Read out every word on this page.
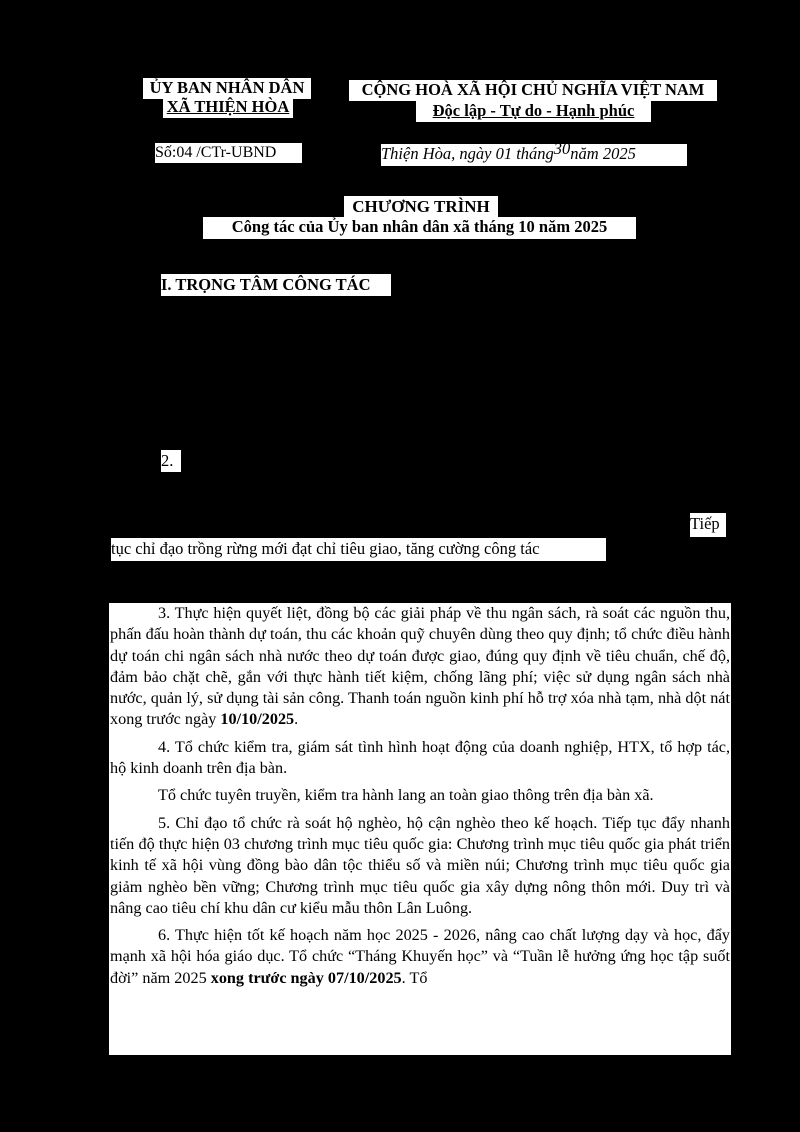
ỦY BAN NHÂN DÂN
XÃ THIỆN HÒA
CỘNG HOÀ XÃ HỘI CHỦ NGHĨA VIỆT NAM
Độc lập - Tự do - Hạnh phúc
Số:04 /CTr-UBND	Thiện Hòa, ngày 01 tháng30năm 2025
CHƯƠNG TRÌNH
Công tác của Ủy ban nhân dân xã tháng 10 năm 2025
I. TRỌNG TÂM CÔNG TÁC
2.
Tiếp
tục chỉ đạo trồng rừng mới đạt chỉ tiêu giao, tăng cường công tác

3. Thực hiện quyết liệt, đồng bộ các giải pháp về thu ngân sách, rà soát các nguồn thu, phấn đấu hoàn thành dự toán, thu các khoản quỹ chuyên dùng theo quy định; tổ chức điều hành dự toán chi ngân sách nhà nước theo dự toán được giao, đúng quy định về tiêu chuẩn, chế độ, đảm bảo chặt chẽ, gắn với thực hành tiết kiệm, chống lãng phí; việc sử dụng ngân sách nhà nước, quản lý, sử dụng tài sản công. Thanh toán nguồn kinh phí hỗ trợ xóa nhà tạm, nhà dột nát xong trước ngày 10/10/2025.

4. Tổ chức kiểm tra, giám sát tình hình hoạt động của doanh nghiệp, HTX, tổ hợp tác, hộ kinh doanh trên địa bàn.

Tổ chức tuyên truyền, kiểm tra hành lang an toàn giao thông trên địa bàn xã.

5. Chỉ đạo tổ chức rà soát hộ nghèo, hộ cận nghèo theo kế hoạch. Tiếp tục đẩy nhanh tiến độ thực hiện 03 chương trình mục tiêu quốc gia: Chương trình mục tiêu quốc gia phát triển kinh tế xã hội vùng đồng bào dân tộc thiểu số và miền núi; Chương trình mục tiêu quốc gia giảm nghèo bền vững; Chương trình mục tiêu quốc gia xây dựng nông thôn mới. Duy trì và nâng cao tiêu chí khu dân cư kiểu mẫu thôn Lân Luông.

6. Thực hiện tốt kế hoạch năm học 2025 - 2026, nâng cao chất lượng dạy và học, đẩy mạnh xã hội hóa giáo dục. Tổ chức “Tháng Khuyến học” và “Tuần lễ hưởng ứng học tập suốt đời” năm 2025 xong trước ngày 07/10/2025. Tổ
